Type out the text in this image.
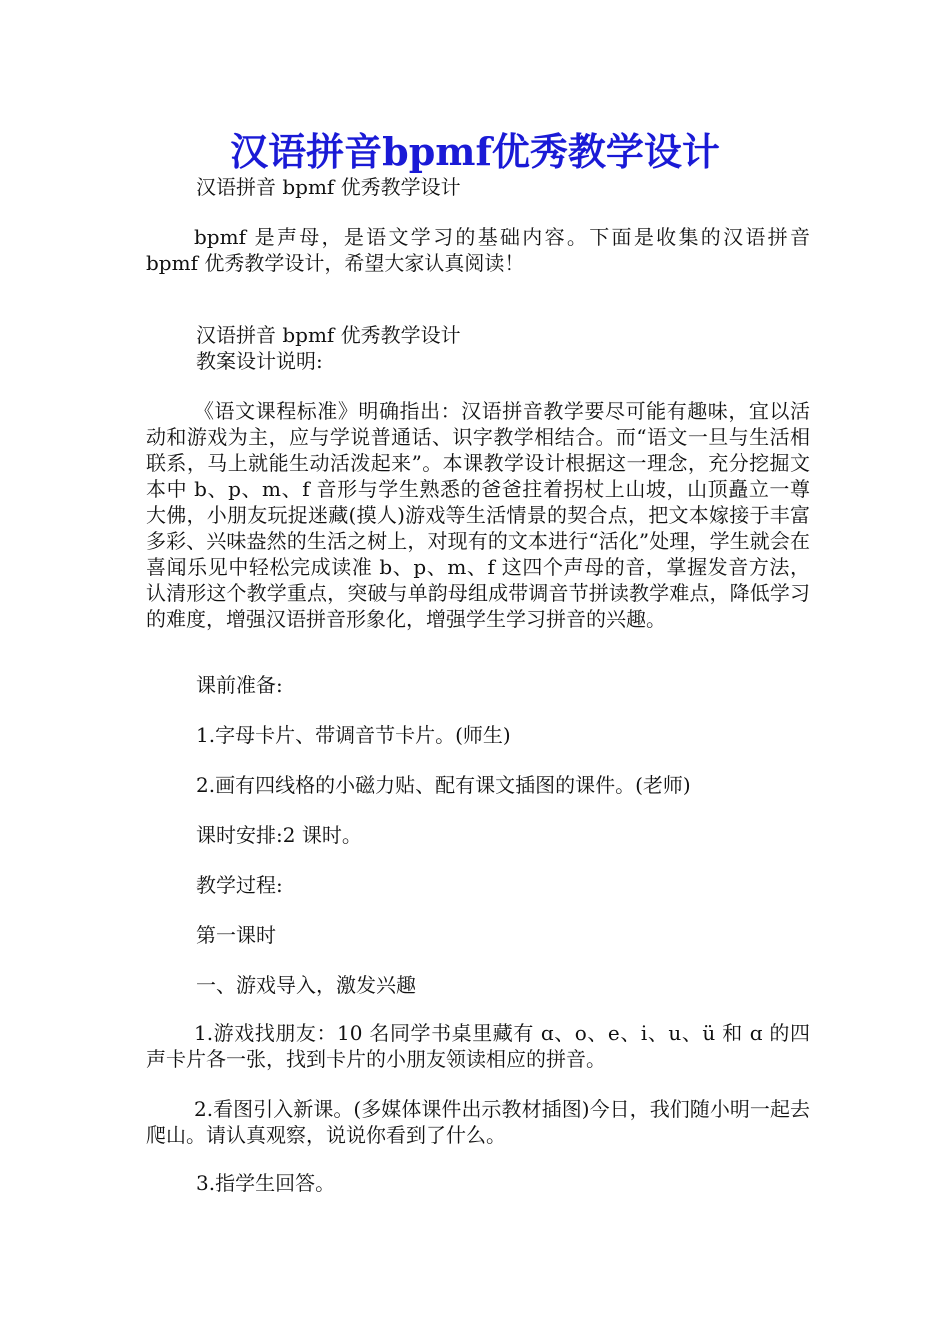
汉语拼音bpmf优秀教学设计

汉语拼音 bpmf 优秀教学设计

bpmf 是声母，是语文学习的基础内容。下面是收集的汉语拼音 bpmf 优秀教学设计，希望大家认真阅读！

汉语拼音 bpmf 优秀教学设计

教案设计说明:

《语文课程标准》明确指出：汉语拼音教学要尽可能有趣味，宜以活动和游戏为主，应与学说普通话、识字教学相结合。而“语文一旦与生活相联系，马上就能生动活泼起来”。本课教学设计根据这一理念，充分挖掘文本中 b、p、m、f 音形与学生熟悉的爸爸拄着拐杖上山坡，山顶矗立一尊大佛，小朋友玩捉迷藏(摸人)游戏等生活情景的契合点，把文本嫁接于丰富多彩、兴味盎然的生活之树上，对现有的文本进行“活化”处理，学生就会在喜闻乐见中轻松完成读准 b、p、m、f 这四个声母的音，掌握发音方法，认清形这个教学重点，突破与单韵母组成带调音节拼读教学难点，降低学习的难度，增强汉语拼音形象化，增强学生学习拼音的兴趣。

课前准备:

1.字母卡片、带调音节卡片。(师生)

2.画有四线格的小磁力贴、配有课文插图的课件。(老师)

课时安排:2 课时。

教学过程:

第一课时

一、游戏导入，激发兴趣

1.游戏找朋友：10 名同学书桌里藏有 ɑ、o、e、i、u、ü 和 ɑ 的四声卡片各一张，找到卡片的小朋友领读相应的拼音。

2.看图引入新课。(多媒体课件出示教材插图)今日，我们随小明一起去爬山。请认真观察，说说你看到了什么。

3.指学生回答。
